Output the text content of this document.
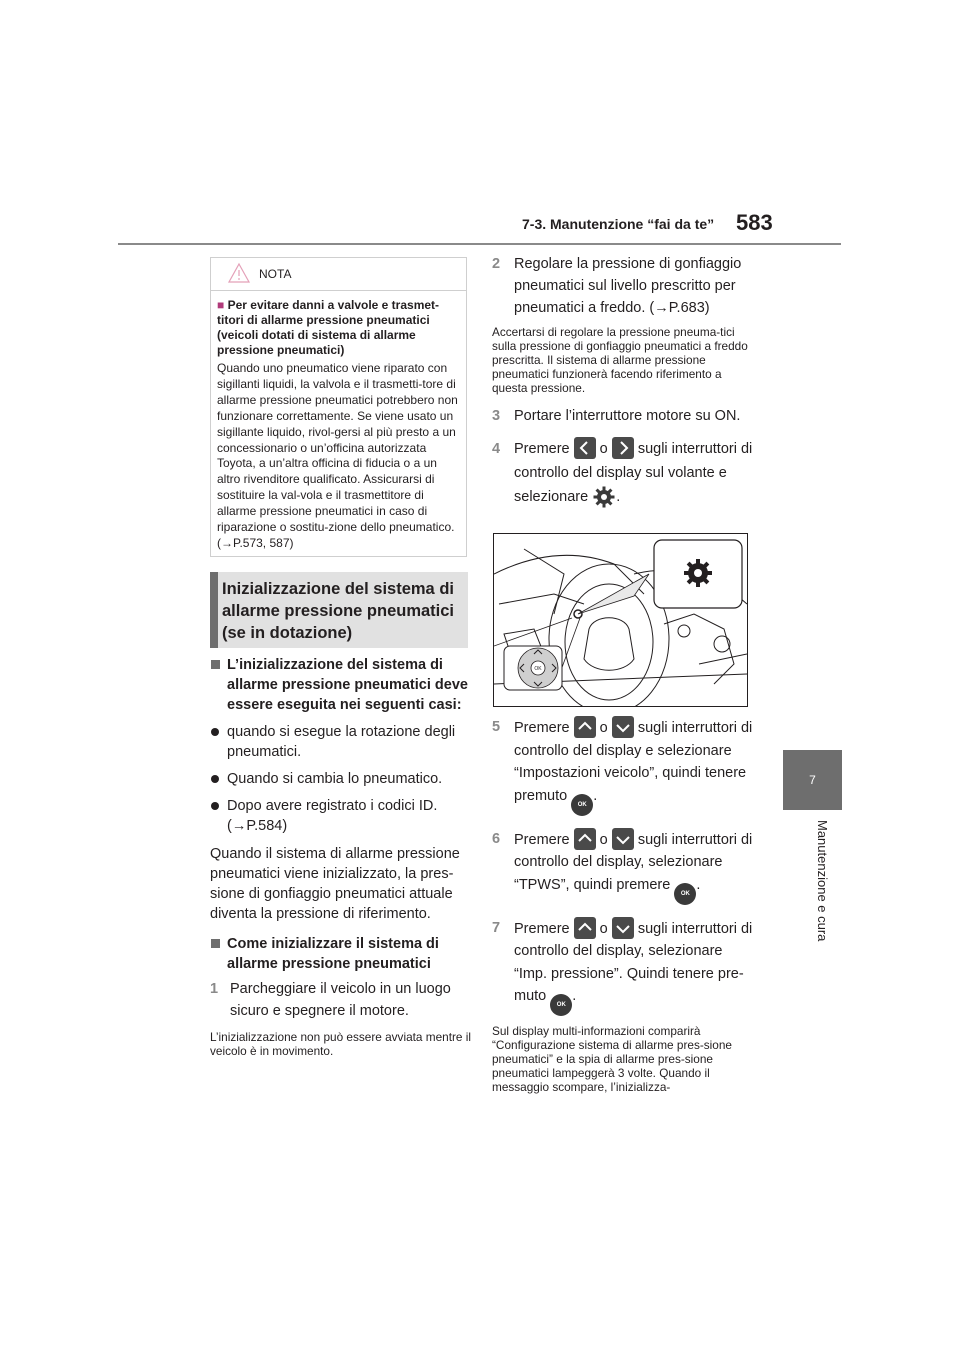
7-3. Manutenzione “fai da te” 583
7
Manutenzione e cura
NOTA
■ Per evitare danni a valvole e trasmet-titori di allarme pressione pneumatici (veicoli dotati di sistema di allarme pressione pneumatici)
Quando uno pneumatico viene riparato con sigillanti liquidi, la valvola e il trasmetti-tore di allarme pressione pneumatici potrebbero non funzionare correttamente. Se viene usato un sigillante liquido, rivol-gersi al più presto a un concessionario o un’officina autorizzata Toyota, a un’altra officina di fiducia o a un altro rivenditore qualificato. Assicurarsi di sostituire la val-vola e il trasmettitore di allarme pressione pneumatici in caso di riparazione o sostitu-zione dello pneumatico. (→P.573, 587)
Inizializzazione del sistema di allarme pressione pneumatici (se in dotazione)
L’inizializzazione del sistema di allarme pressione pneumatici deve essere eseguita nei seguenti casi:
quando si esegue la rotazione degli pneumatici.
Quando si cambia lo pneumatico.
Dopo avere registrato i codici ID. (→P.584)
Quando il sistema di allarme pressione pneumatici viene inizializzato, la pres-sione di gonfiaggio pneumatici attuale diventa la pressione di riferimento.
Come inizializzare il sistema di allarme pressione pneumatici
1 Parcheggiare il veicolo in un luogo sicuro e spegnere il motore.
L’inizializzazione non può essere avviata mentre il veicolo è in movimento.
2 Regolare la pressione di gonfiaggio pneumatici sul livello prescritto per pneumatici a freddo. (→P.683)
Accertarsi di regolare la pressione pneuma-tici sulla pressione di gonfiaggio pneumatici a freddo prescritta. Il sistema di allarme pressione pneumatici funzionerà facendo riferimento a questa pressione.
3 Portare l’interruttore motore su ON.
4 Premere o sugli interruttori di controllo del display sul volante e selezionare .
OK
5 Premere o sugli interruttori di controllo del display e selezionare “Impostazioni veicolo”, quindi tenere premuto OK.
6 Premere o sugli interruttori di controllo del display, selezionare “TPWS”, quindi premere OK.
7 Premere o sugli interruttori di controllo del display, selezionare “Imp. pressione”. Quindi tenere pre-muto OK.
Sul display multi-informazioni comparirà “Configurazione sistema di allarme pres-sione pneumatici” e la spia di allarme pres-sione pneumatici lampeggerà 3 volte. Quando il messaggio scompare, l’inizializza-
